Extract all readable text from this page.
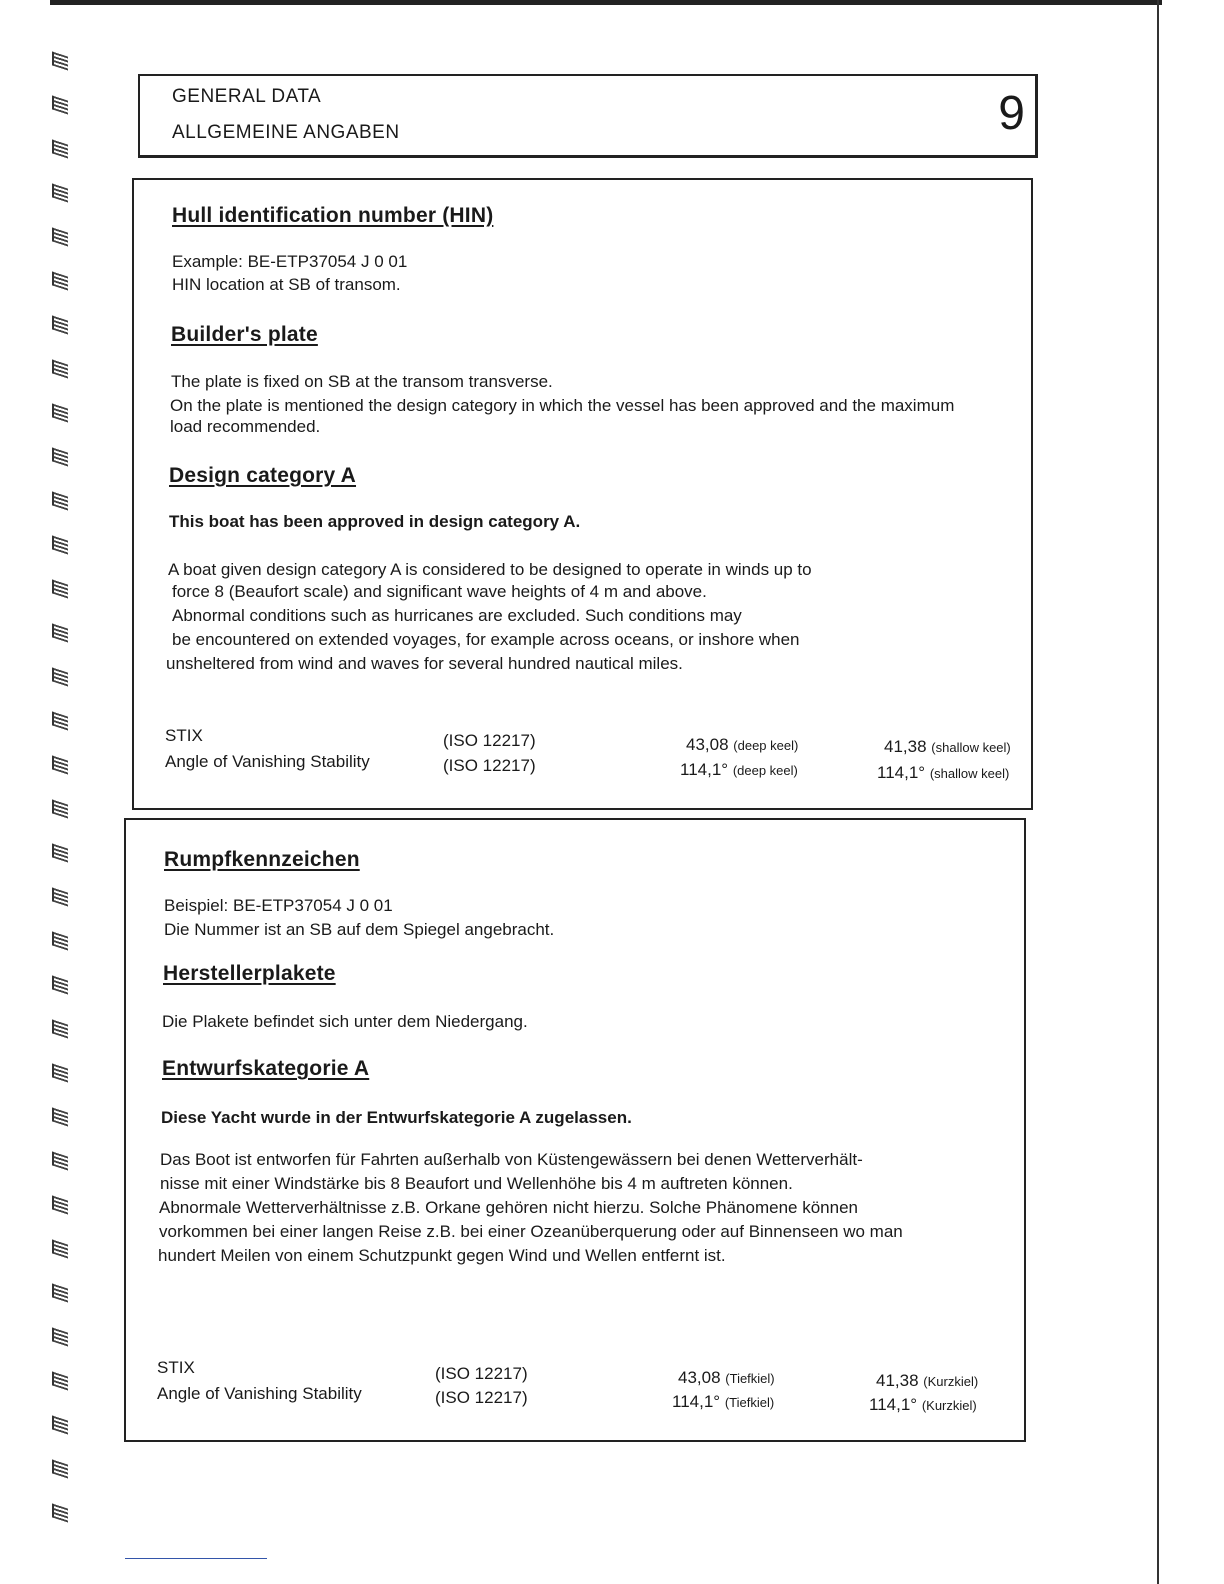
GENERAL DATA
ALLGEMEINE ANGABEN	9
Hull identification number (HIN)
Example: BE-ETP37054 J 0 01
HIN location at SB of transom.
Builder's plate
The plate is fixed on SB at the transom transverse.
On the plate is mentioned the design category in which the vessel has been approved and the maximum
load recommended.
Design category A
This boat has been approved in design category A.
A boat given design category A is considered to be designed to operate in winds up to
force 8 (Beaufort scale) and significant wave heights of 4 m and above.
Abnormal conditions such as hurricanes are excluded. Such conditions may
be encountered on extended voyages, for example across oceans, or inshore when
unsheltered from wind and waves for several hundred nautical miles.
STIX	(ISO 12217)	43,08 (deep keel)	41,38 (shallow keel)
Angle of Vanishing Stability	(ISO 12217)	114,1° (deep keel)	114,1° (shallow keel)
Rumpfkennzeichen
Beispiel: BE-ETP37054 J 0 01
Die Nummer ist an SB auf dem Spiegel angebracht.
Herstellerplakete
Die Plakete befindet sich unter dem Niedergang.
Entwurfskategorie A
Diese Yacht wurde in der Entwurfskategorie A zugelassen.
Das Boot ist entworfen für Fahrten außerhalb von Küstengewässern bei denen Wetterverhält-
nisse mit einer Windstärke bis 8 Beaufort und Wellenhöhe bis 4 m auftreten können.
Abnormale Wetterverhältnisse z.B. Orkane gehören nicht hierzu. Solche Phänomene können
vorkommen bei einer langen Reise z.B. bei einer Ozeanüberquerung oder auf Binnenseen wo man
hundert Meilen von einem Schutzpunkt gegen Wind und Wellen entfernt ist.
STIX	(ISO 12217)	43,08 (Tiefkiel)	41,38 (Kurzkiel)
Angle of Vanishing Stability	(ISO 12217)	114,1° (Tiefkiel)	114,1° (Kurzkiel)
